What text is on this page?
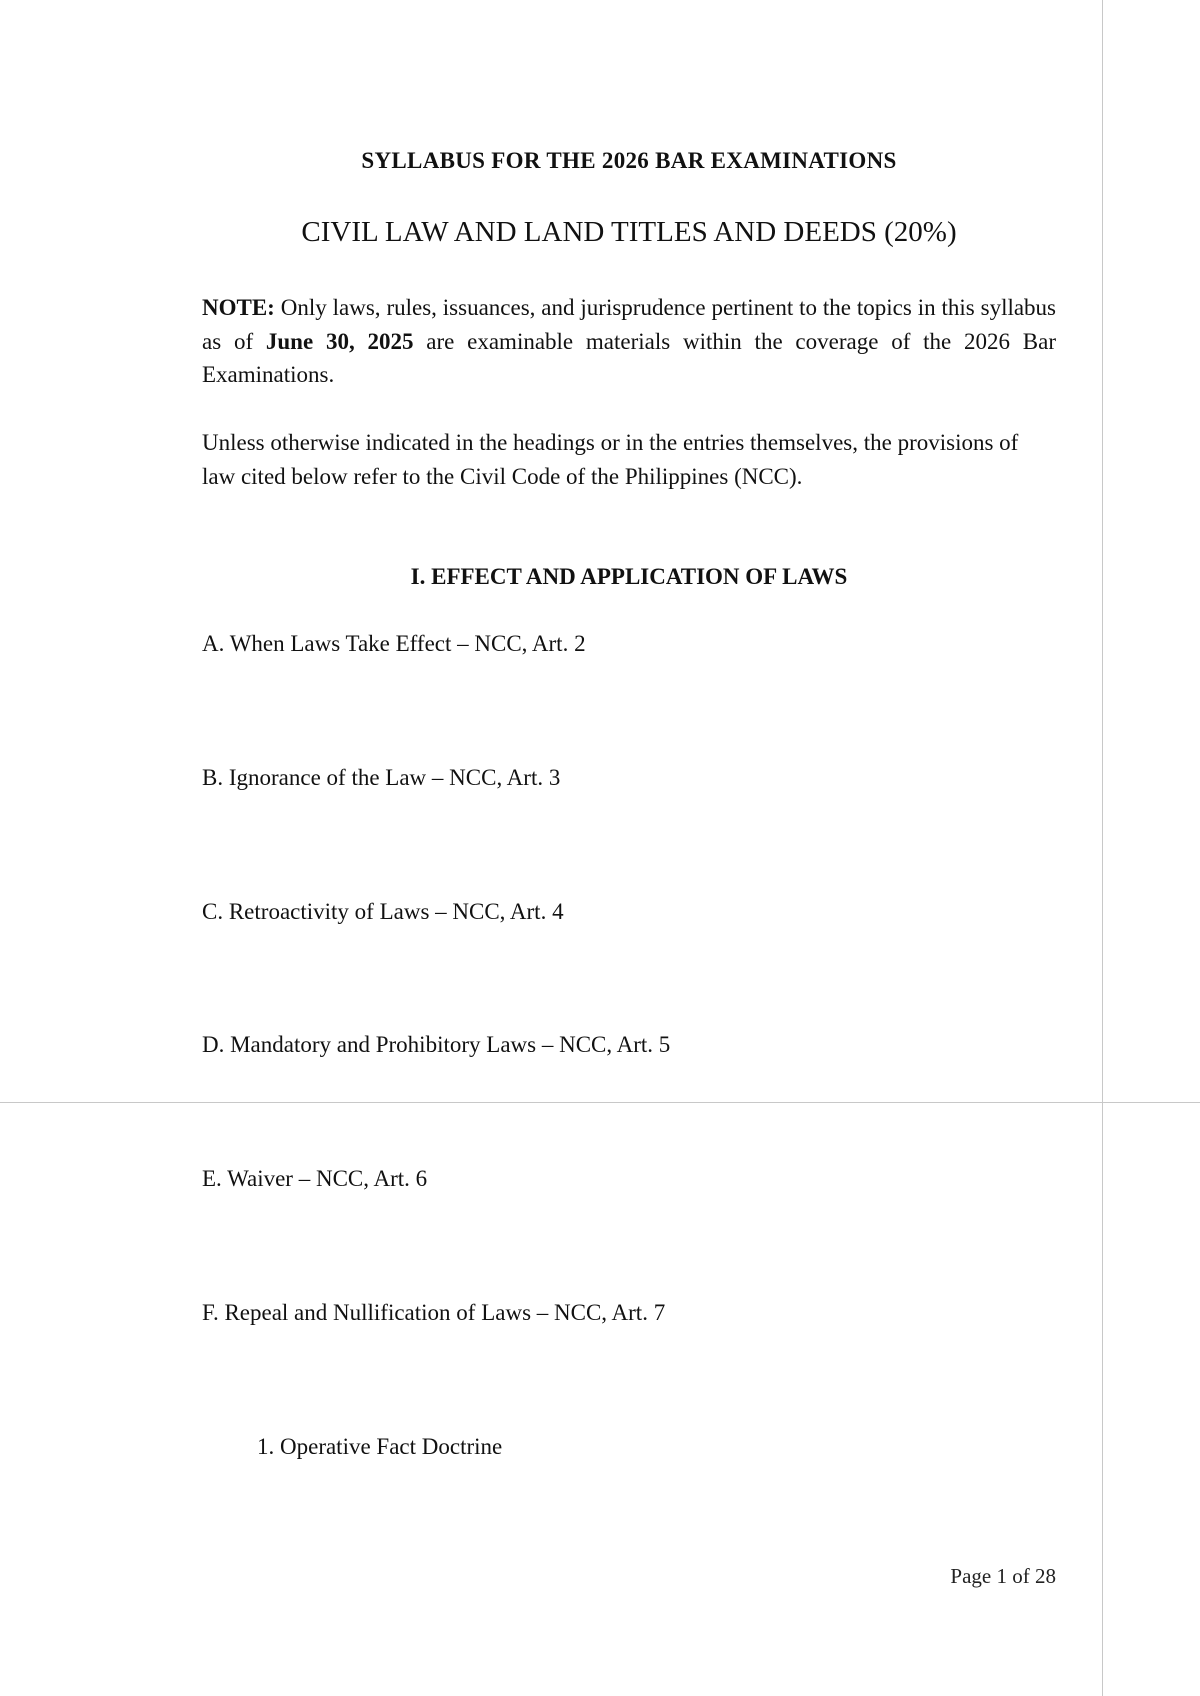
SYLLABUS FOR THE 2026 BAR EXAMINATIONS
CIVIL LAW AND LAND TITLES AND DEEDS (20%)
NOTE: Only laws, rules, issuances, and jurisprudence pertinent to the topics in this syllabus as of June 30, 2025 are examinable materials within the coverage of the 2026 Bar Examinations.
Unless otherwise indicated in the headings or in the entries themselves, the provisions of law cited below refer to the Civil Code of the Philippines (NCC).
I. EFFECT AND APPLICATION OF LAWS
A. When Laws Take Effect – NCC, Art. 2
B. Ignorance of the Law – NCC, Art. 3
C. Retroactivity of Laws – NCC, Art. 4
D. Mandatory and Prohibitory Laws – NCC, Art. 5
E. Waiver – NCC, Art. 6
F. Repeal and Nullification of Laws – NCC, Art. 7
1. Operative Fact Doctrine
Page 1 of 28
